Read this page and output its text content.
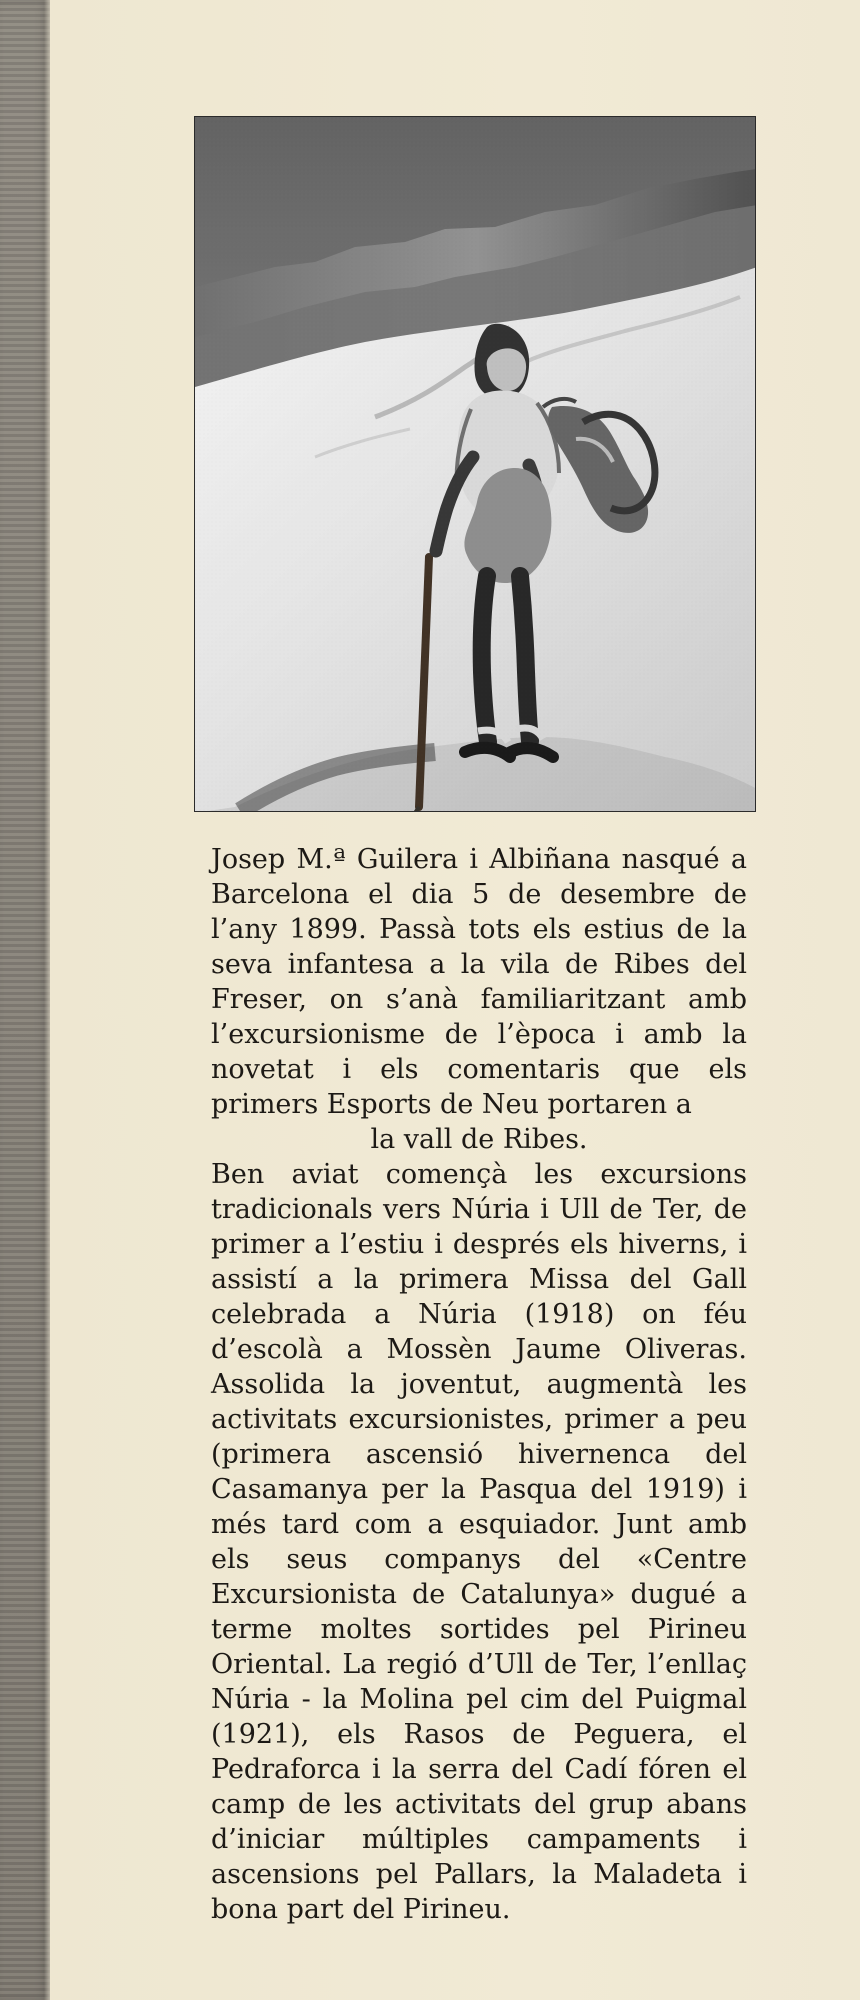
Josep M.ª Guilera i Albiñana nasqué a Barcelona el dia 5 de desembre de l’any 1899. Passà tots els estius de la seva infantesa a la vila de Ribes del Freser, on s’anà familiaritzant amb l’excursionisme de l’època i amb la novetat i els comentaris que els primers Esports de Neu portaren a
la vall de Ribes.
Ben aviat començà les excursions tradicionals vers Núria i Ull de Ter, de primer a l’estiu i després els hiverns, i assistí a la primera Missa del Gall celebrada a Núria (1918) on féu d’escolà a Mossèn Jaume Oliveras. Assolida la joventut, augmentà les activitats excursionistes, primer a peu (primera ascensió hivernenca del Casamanya per la Pasqua del 1919) i més tard com a esquiador. Junt amb els seus companys del «Centre Excursionista de Catalunya» dugué a terme moltes sortides pel Pirineu Oriental. La regió d’Ull de Ter, l’enllaç Núria - la Molina pel cim del Puigmal (1921), els Rasos de Peguera, el Pedraforca i la serra del Cadí fóren el camp de les activitats del grup abans d’iniciar múltiples campaments i ascensions pel Pallars, la Maladeta i bona part del Pirineu.
